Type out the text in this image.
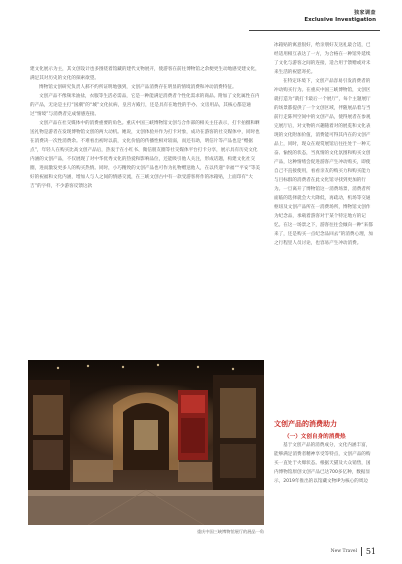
独家调查
Exclusive Investigation

建文化展示为主，其文创设计也多围绕着馆藏的建代文物展开，使游客在前往博物馆之余便更生动地感受建文化，满足其对历史的文化的探索欲望。

博物馆文创研究负责人郝不约所证明地强到，文创产品消费存在明显的情境消费和冲动消费特征。

文创产品不像频米油盐，衣服等生活必需品，它是一种能满足消费者个性化需求的商品。附加了文化属性在内的产品，无论是主打“国潮”的“城”文化抗病，皇宫方殿行，还是具有在地性的手办、文房用品，其核心都是通过“情境”与消费者完成情感连接。

文创产品在社交媒体中的消费重要的角色。重庆中国三峡博物馆文创与合作部的相关主任表示，打卡拍摄和晒送礼物是游者在发现博物馆文创的两大动机。她说，文创体验并作为打卡对象，成功在游客的社交媒体中，同时也在消费决一次性消费余。不难看出初时以前，文化价值的传播性相对较弱，而还有助，明信片等产品也是“赠据点”，年轻人在购买比高文创产品后，热衷于在小红书、微信朋友圈等社交媒体平台打卡分享，展示具有历史文化内涵的文创产品，不仅展现了对中华优秀文化的热爱和影响品位，还能吸引他人关注，形成话题，构建文化社交圈，进而激发更多人的购买热情。同时，小巧精致的文创产品也可作为礼物赠送他人，在以传递“幸福““平安”等美好的祝福和文化内涵，增加人与人之间的情感交流，在三峡文创古中有一款受游客将作的冰箱贴，上面印有“大吉”的字样，不少游客反馈这款

冰箱贴的寓意很好，给亲朋好友送礼最合适，已经适用相互表达了一方，为合格在一种馆外延续了文化与游客之间的连接，适合用于馈赠或对未来生活的祝愿寄托。

在特定环境下，文创产品容易引发消费者的冲动购买行为。在重庆中国三峡博物馆，文创区就打造为“就打卡最后一个展厅”，每个主题展厅的场景都提供了一个文创区域，伴随展品着与当前行走陈列空间中的文创产品，使得展者在参观完展厅后，对文物的兴趣随着对的展览和文化表现的文化附加价值，消费能可得其内在的文创产品上，同时，现众在观赏展馆后往往处于一种亢奋、愉悦的状态，当真情的文化氛围和购买文创产品，这种情绪会促进游客产生冲动购买，即使自己不直接使用，看看亲友的购买力和购买能力与目标群的消费者在此文化馆寻找到更加的行为。一旦离开了博物馆这一消费场景，消费者所面临的选择就会大大降低，再疏动，机场等交通枢纽及文创产品所在一消费场所，博物馆文创作为纪念品，承载着游客对于某个特定地方的记忆。在这一场景之下，游客往往会倾向一种“来都来了，还是购买一点纪念品回去”的消费心理，加之行程里人员讨论，也容易产生冲动消费。

文创产品的消费助力
（一）文创自身的消费热

基于文创产品的消费成分，文化内涵丰富，能够满足消费者精神享受等特点，文创产品的购买一直处于火爆状态。根据天猫及大众销售，国内博物馆原创文创产品已达700多亿种，数据显示，2019年推出的以馆藏文物IP为核心的周边

重庆中国三峡博物馆展厅的展品一角
New Travel 51
